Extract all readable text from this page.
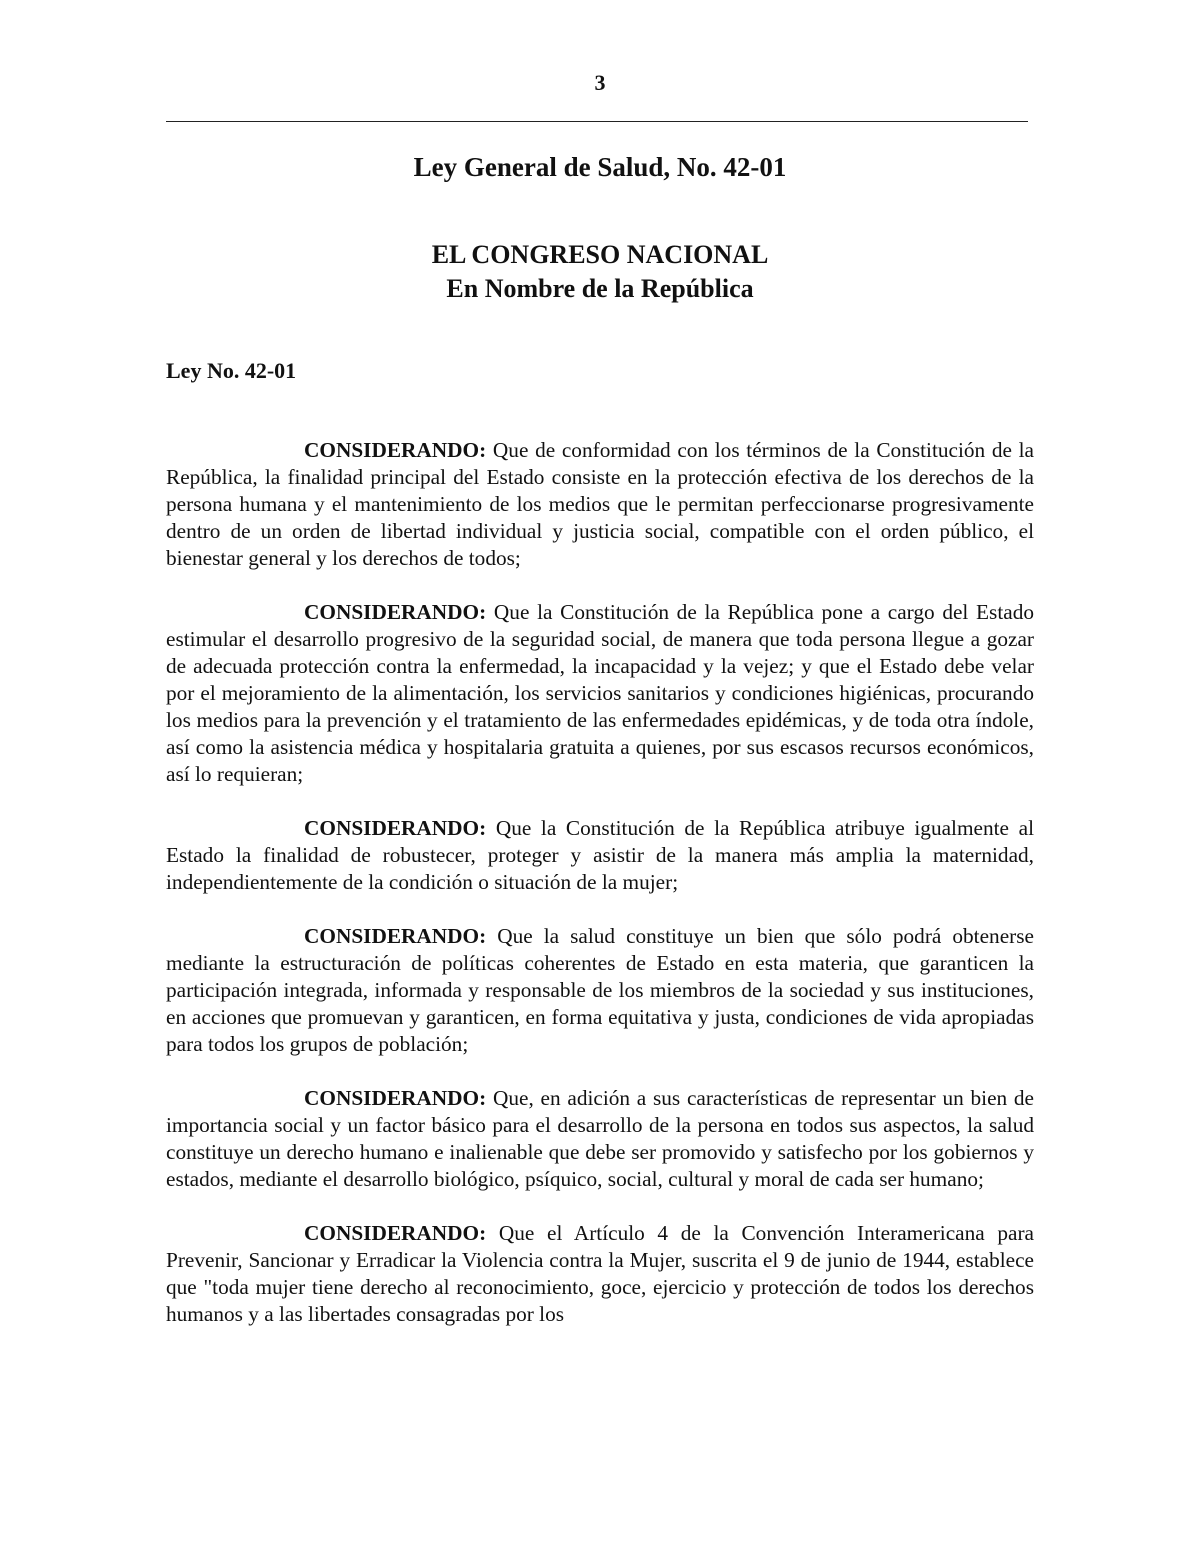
3
Ley General de Salud, No. 42-01
EL CONGRESO NACIONAL
En Nombre de la República
Ley No. 42-01

CONSIDERANDO: Que de conformidad con los términos de la Constitución de la República, la finalidad principal del Estado consiste en la protección efectiva de los derechos de la persona humana y el mantenimiento de los medios que le permitan perfeccionarse progresivamente dentro de un orden de libertad individual y justicia social, compatible con el orden público, el bienestar general y los derechos de todos;

CONSIDERANDO: Que la Constitución de la República pone a cargo del Estado estimular el desarrollo progresivo de la seguridad social, de manera que toda persona llegue a gozar de adecuada protección contra la enfermedad, la incapacidad y la vejez; y que el Estado debe velar por el mejoramiento de la alimentación, los servicios sanitarios y condiciones higiénicas, procurando los medios para la prevención y el tratamiento de las enfermedades epidémicas, y de toda otra índole, así como la asistencia médica y hospitalaria gratuita a quienes, por sus escasos recursos económicos, así lo requieran;

CONSIDERANDO: Que la Constitución de la República atribuye igualmente al Estado la finalidad de robustecer, proteger y asistir de la manera más amplia la maternidad, independientemente de la condición o situación de la mujer;

CONSIDERANDO: Que la salud constituye un bien que sólo podrá obtenerse mediante la estructuración de políticas coherentes de Estado en esta materia, que garanticen la participación integrada, informada y responsable de los miembros de la sociedad y sus instituciones, en acciones que promuevan y garanticen, en forma equitativa y justa, condiciones de vida apropiadas para todos los grupos de población;

CONSIDERANDO: Que, en adición a sus características de representar un bien de importancia social y un factor básico para el desarrollo de la persona en todos sus aspectos, la salud constituye un derecho humano e inalienable que debe ser promovido y satisfecho por los gobiernos y estados, mediante el desarrollo biológico, psíquico, social, cultural y moral de cada ser humano;

CONSIDERANDO: Que el Artículo 4 de la Convención Interamericana para Prevenir, Sancionar y Erradicar la Violencia contra la Mujer, suscrita el 9 de junio de 1944, establece que "toda mujer tiene derecho al reconocimiento, goce, ejercicio y protección de todos los derechos humanos y a las libertades consagradas por los
